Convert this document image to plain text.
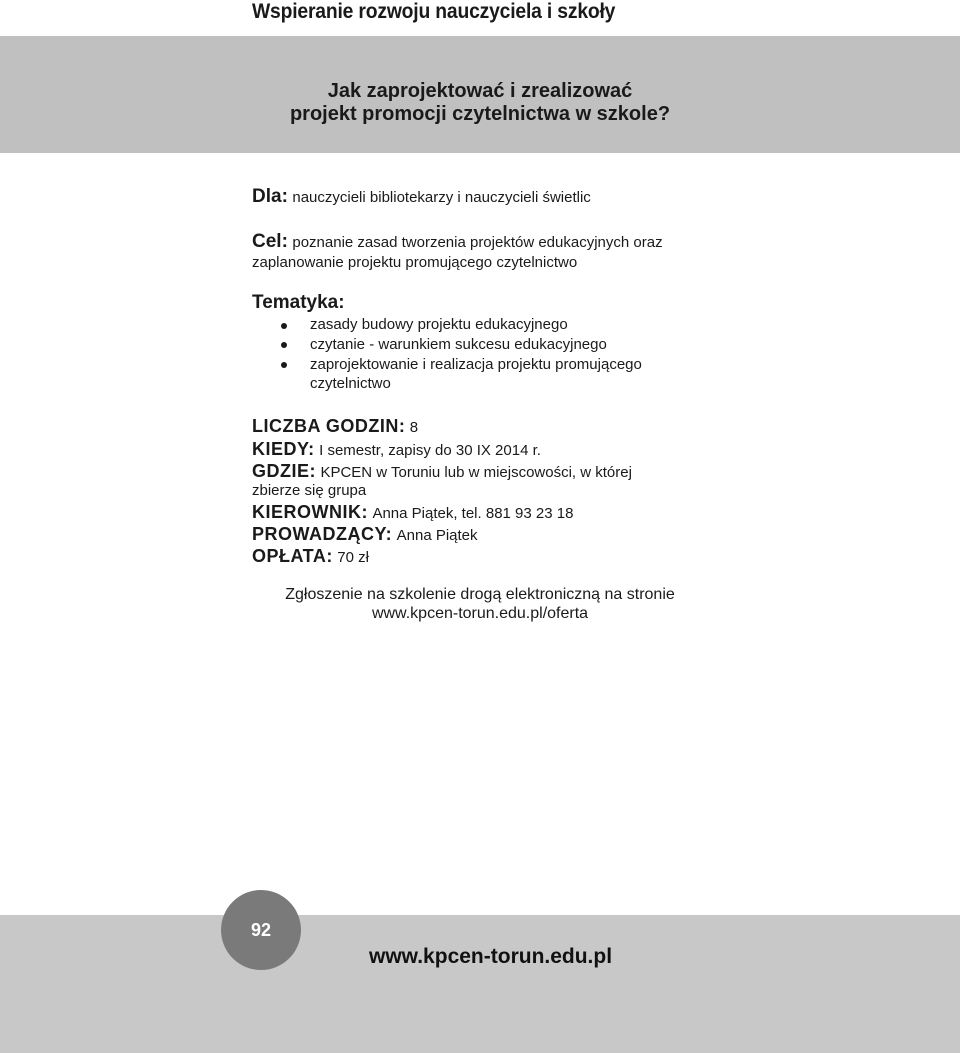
Wspieranie rozwoju nauczyciela i szkoły
Jak zaprojektować i zrealizować
projekt promocji czytelnictwa w szkole?
Dla: nauczycieli bibliotekarzy i nauczycieli świetlic
Cel: poznanie zasad tworzenia projektów edukacyjnych oraz
zaplanowanie projektu promującego czytelnictwo
Tematyka:
zasady budowy projektu edukacyjnego
czytanie - warunkiem sukcesu edukacyjnego
zaprojektowanie i realizacja projektu promującego
czytelnictwo
LICZBA GODZIN: 8
KIEDY: I semestr, zapisy do 30 IX 2014 r.
GDZIE: KPCEN w Toruniu lub w miejscowości, w której
zbierze się grupa
KIEROWNIK: Anna Piątek, tel. 881 93 23 18
PROWADZĄCY: Anna Piątek
OPŁATA: 70 zł
Zgłoszenie na szkolenie drogą elektroniczną na stronie
www.kpcen-torun.edu.pl/oferta
92
www.kpcen-torun.edu.pl
